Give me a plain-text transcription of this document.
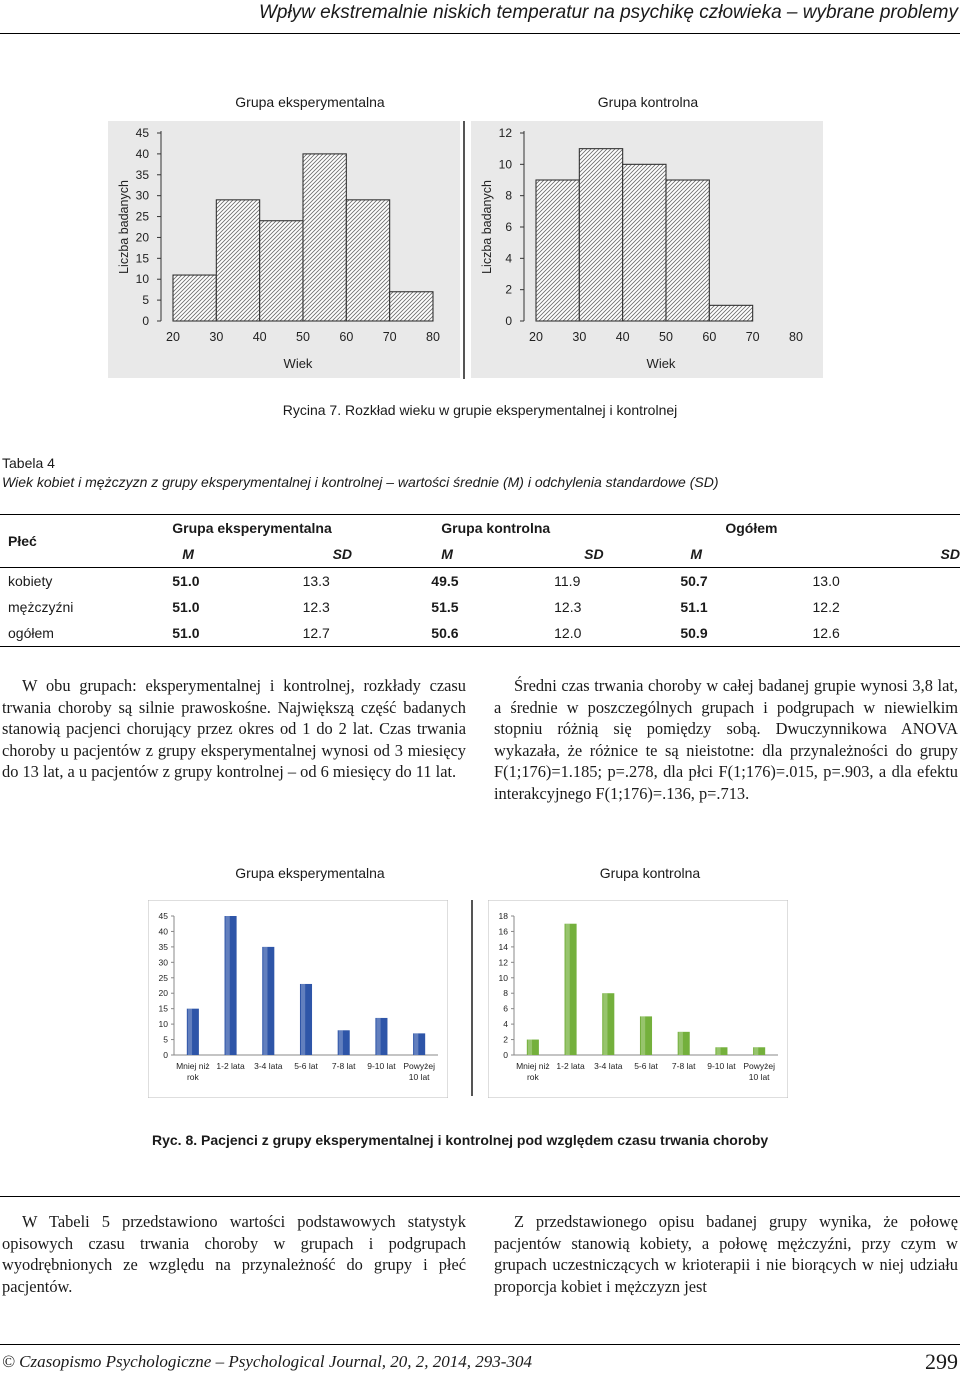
Wpływ ekstremalnie niskich temperatur na psychikę człowieka – wybrane problemy
Grupa eksperymentalna	Grupa kontrolna
0
5
10
15
20
25
30
35
40
45
20 30 40 50 60 70 80
Wiek
Liczba badanych
0
2
4
6
8
10
12
20 30 40 50 60 70 80
Wiek
Liczba badanych
Rycina 7. Rozkład wieku w grupie eksperymentalnej i kontrolnej
Tabela 4
Wiek kobiet i mężczyzn z grupy eksperymentalnej i kontrolnej – wartości średnie (M) i odchylenia standardowe (SD)
Płeć	Grupa eksperymentalna		Grupa kontrolna		Ogółem	
	M	SD	M	SD	M	SD
kobiety	51.0	13.3	49.5	11.9	50.7	13.0
mężczyźni	51.0	12.3	51.5	12.3	51.1	12.2
ogółem	51.0	12.7	50.6	12.0	50.9	12.6

W obu grupach: eksperymentalnej i kontrolnej, rozkłady czasu trwania choroby są silnie prawoskośne. Największą część badanych stanowią pacjenci chorujący przez okres od 1 do 2 lat. Czas trwania choroby u pacjentów z grupy eksperymentalnej wynosi od 3 miesięcy do 13 lat, a u pacjentów z grupy kontrolnej – od 6 miesięcy do 11 lat.

Średni czas trwania choroby w całej badanej grupie wynosi 3,8 lat, a średnie w poszczególnych grupach i podgrupach w niewielkim stopniu różnią się pomiędzy sobą. Dwuczynnikowa ANOVA wykazała, że różnice te są nieistotne: dla przynależności do grupy F(1;176)=1.185; p=.278, dla płci F(1;176)=.015, p=.903, a dla efektu interakcyjnego F(1;176)=.136, p=.713.

Grupa eksperymentalna	Grupa kontrolna
0
5
10
15
20
25
30
35
40
45
Mniej niż
rok
1-2 lata 3-4 lata 5-6 lat 7-8 lat 9-10 lat Powyżej
10 lat
0
2
4
6
8
10
12
14
16
18
Mniej niż
rok
1-2 lata 3-4 lata 5-6 lat 7-8 lat 9-10 lat Powyżej
10 lat
Ryc. 8. Pacjenci z grupy eksperymentalnej i kontrolnej pod względem czasu trwania choroby

W Tabeli 5 przedstawiono wartości podstawowych statystyk opisowych czasu trwania choroby w grupach i podgrupach wyodrębnionych ze względu na przynależność do grupy i płeć pacjentów.

Z przedstawionego opisu badanej grupy wynika, że połowę pacjentów stanowią kobiety, a połowę mężczyźni, przy czym w grupach uczestniczących w krioterapii i nie biorących w niej udziału proporcja kobiet i mężczyzn jest

© Czasopismo Psychologiczne – Psychological Journal, 20, 2, 2014, 293-304	299
